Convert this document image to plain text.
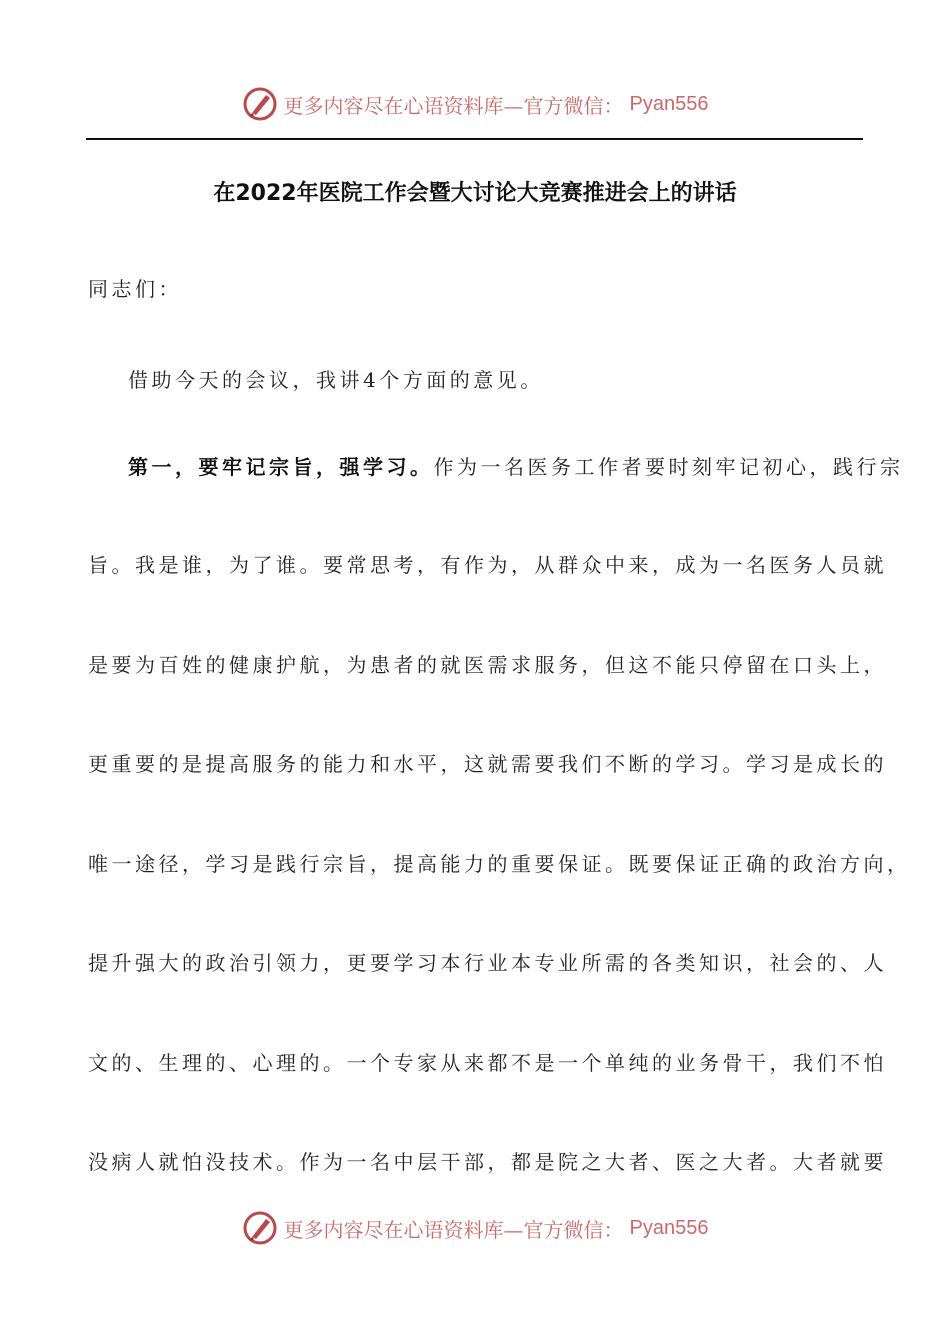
更多内容尽在心语资料库—官方微信： Pyan556
在2022年医院工作会暨大讨论大竞赛推进会上的讲话
同志们：
借助今天的会议，我讲4个方面的意见。
第一，要牢记宗旨，强学习。作为一名医务工作者要时刻牢记初心，践行宗
旨。我是谁，为了谁。要常思考，有作为，从群众中来，成为一名医务人员就
是要为百姓的健康护航，为患者的就医需求服务，但这不能只停留在口头上，
更重要的是提高服务的能力和水平，这就需要我们不断的学习。学习是成长的
唯一途径，学习是践行宗旨，提高能力的重要保证。既要保证正确的政治方向，
提升强大的政治引领力，更要学习本行业本专业所需的各类知识，社会的、人
文的、生理的、心理的。一个专家从来都不是一个单纯的业务骨干，我们不怕
没病人就怕没技术。作为一名中层干部，都是院之大者、医之大者。大者就要
更多内容尽在心语资料库—官方微信： Pyan556
